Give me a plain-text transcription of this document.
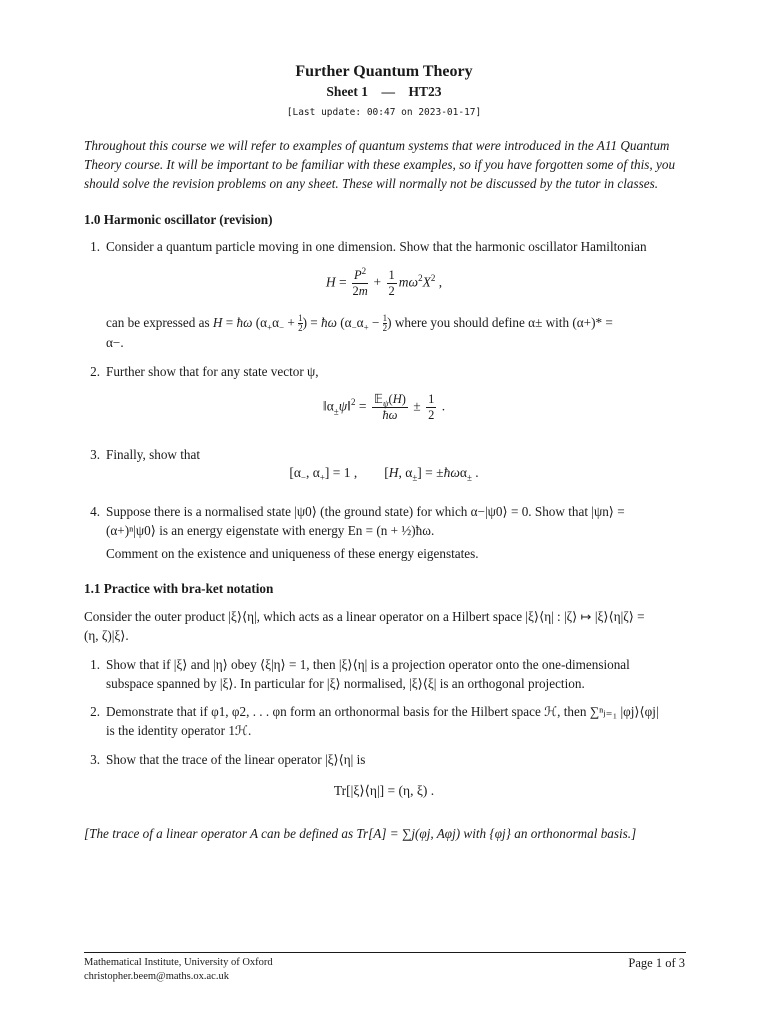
Further Quantum Theory
Sheet 1 — HT23
[Last update: 00:47 on 2023-01-17]
Throughout this course we will refer to examples of quantum systems that were introduced in the A11 Quantum Theory course. It will be important to be familiar with these examples, so if you have forgotten some of this, you should solve the revision problems on any sheet. These will normally not be discussed by the tutor in classes.
1.0 Harmonic oscillator (revision)
1. Consider a quantum particle moving in one dimension. Show that the harmonic oscillator Hamiltonian
$H = \frac{P^2}{2m} + \frac{1}{2} m\omega^2X^2$ ,
can be expressed as H = ħω ($\alpha_+\alpha_- + \frac{1}{2}$ ) = ħω ($\alpha_-\alpha_+ - \frac{1}{2}$ ) where you should define α± with (α+)* =
α−.
2. Further show that for any state vector ψ,
$‖\alpha_\pm\psi‖^2 = \frac{𝔼_\psi(H)}{ħ\omega} \pm \frac{1}{2}$ .
3. Finally, show that
[$\alpha_-$, $\alpha_+] = 1$ ,        [H, $\alpha_\pm$] = ±ħωα$_\pm$ .
4. Suppose there is a normalised state |ψ0⟩ (the ground state) for which α−|ψ0⟩ = 0. Show that |ψn⟩ =
(α+)ⁿ|ψ0⟩ is an energy eigenstate with energy En = (n + ½)ħω.
Comment on the existence and uniqueness of these energy eigenstates.
1.1 Practice with bra-ket notation
Consider the outer product |ξ⟩⟨η|, which acts as a linear operator on a Hilbert space |ξ⟩⟨η| : |ζ⟩ ↦ |ξ⟩⟨η|ζ⟩ =
(η, ζ)|ξ⟩.
1. Show that if |ξ⟩ and |η⟩ obey ⟨ξ|η⟩ = 1, then |ξ⟩⟨η| is a projection operator onto the one-dimensional
subspace spanned by |ξ⟩. In particular for |ξ⟩ normalised, |ξ⟩⟨ξ| is an orthogonal projection.
2. Demonstrate that if φ1, φ2, . . . φn form an orthonormal basis for the Hilbert space ℋ, then ∑ⁿⱼ₌₁ |φj⟩⟨φj|
is the identity operator 1ℋ.
3. Show that the trace of the linear operator |ξ⟩⟨η| is
Tr[|ξ⟩⟨η|] = (η, ξ) .
[The trace of a linear operator A can be defined as Tr[A] = ∑j(φj, Aφj) with {φj} an orthonormal basis.]
Mathematical Institute, University of Oxford
christopher.beem@maths.ox.ac.uk
Page 1 of 3
